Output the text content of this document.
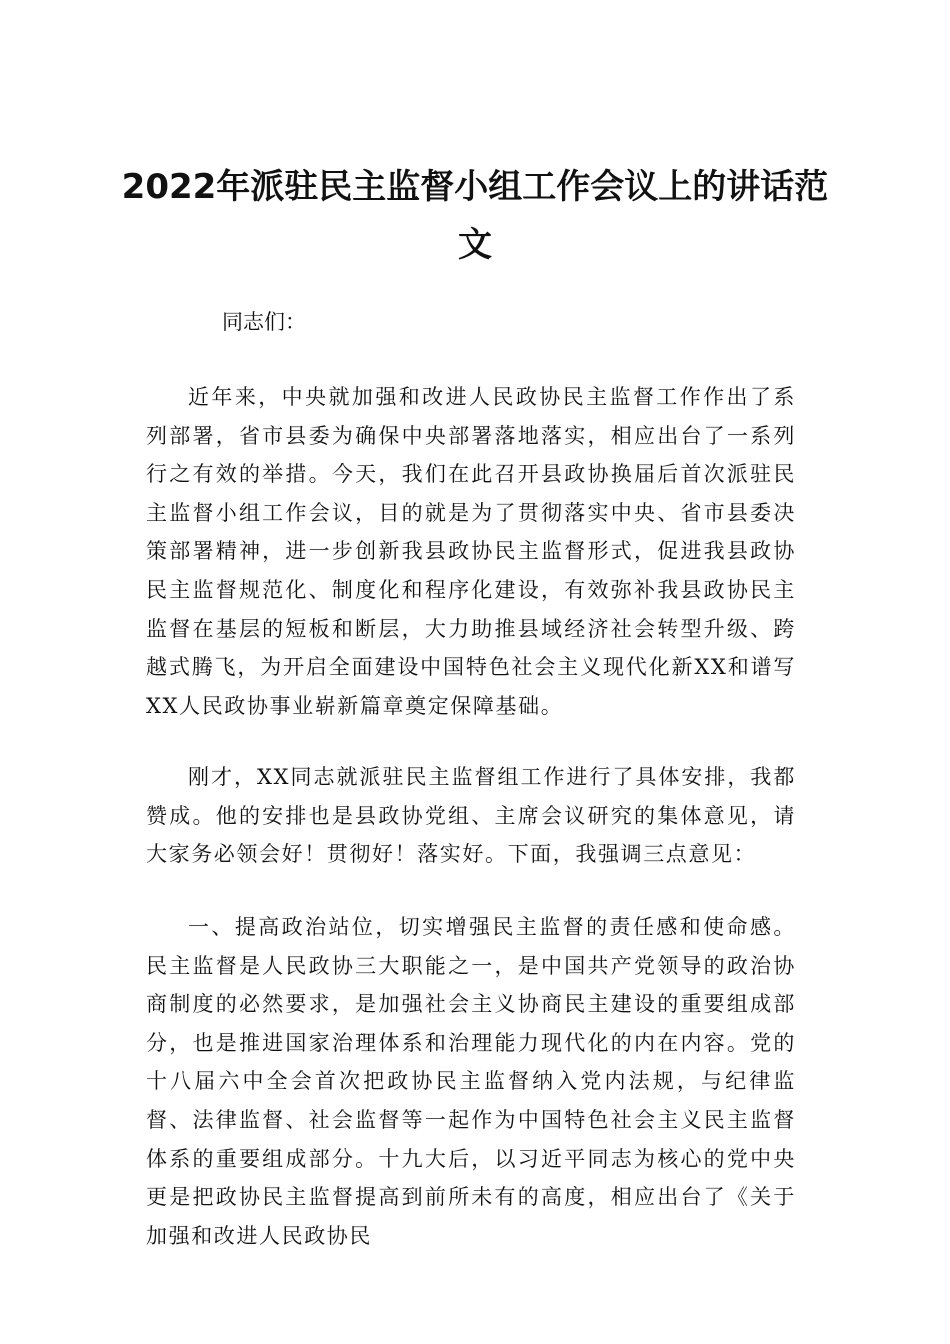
2022年派驻民主监督小组工作会议上的讲话范文

同志们：

近年来，中央就加强和改进人民政协民主监督工作作出了系列部署，省市县委为确保中央部署落地落实，相应出台了一系列行之有效的举措。今天，我们在此召开县政协换届后首次派驻民主监督小组工作会议，目的就是为了贯彻落实中央、省市县委决策部署精神，进一步创新我县政协民主监督形式，促进我县政协民主监督规范化、制度化和程序化建设，有效弥补我县政协民主监督在基层的短板和断层，大力助推县域经济社会转型升级、跨越式腾飞，为开启全面建设中国特色社会主义现代化新XX和谱写XX人民政协事业崭新篇章奠定保障基础。

刚才，XX同志就派驻民主监督组工作进行了具体安排，我都赞成。他的安排也是县政协党组、主席会议研究的集体意见，请大家务必领会好！贯彻好！落实好。下面，我强调三点意见：

一、提高政治站位，切实增强民主监督的责任感和使命感。民主监督是人民政协三大职能之一，是中国共产党领导的政治协商制度的必然要求，是加强社会主义协商民主建设的重要组成部分，也是推进国家治理体系和治理能力现代化的内在内容。党的十八届六中全会首次把政协民主监督纳入党内法规，与纪律监督、法律监督、社会监督等一起作为中国特色社会主义民主监督体系的重要组成部分。十九大后，以习近平同志为核心的党中央更是把政协民主监督提高到前所未有的高度，相应出台了《关于加强和改进人民政协民
